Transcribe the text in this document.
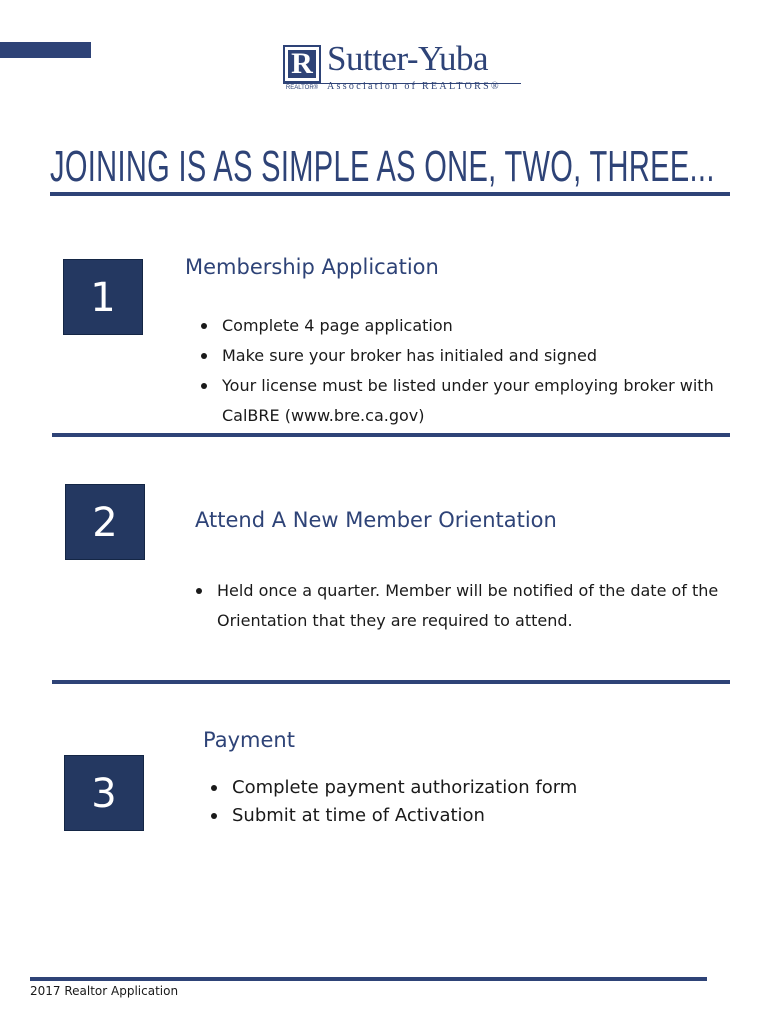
R Sutter-Yuba
REALTOR® Association of REALTORS®
JOINING IS AS SIMPLE AS ONE, TWO, THREE...
1
Membership Application
Complete 4 page application
Make sure your broker has initialed and signed
Your license must be listed under your employing broker with CalBRE (www.bre.ca.gov)
2	Attend A New Member Orientation
Held once a quarter. Member will be notified of the date of the Orientation that they are required to attend.
3
Payment
Complete payment authorization form
Submit at time of Activation
2017 Realtor Application
